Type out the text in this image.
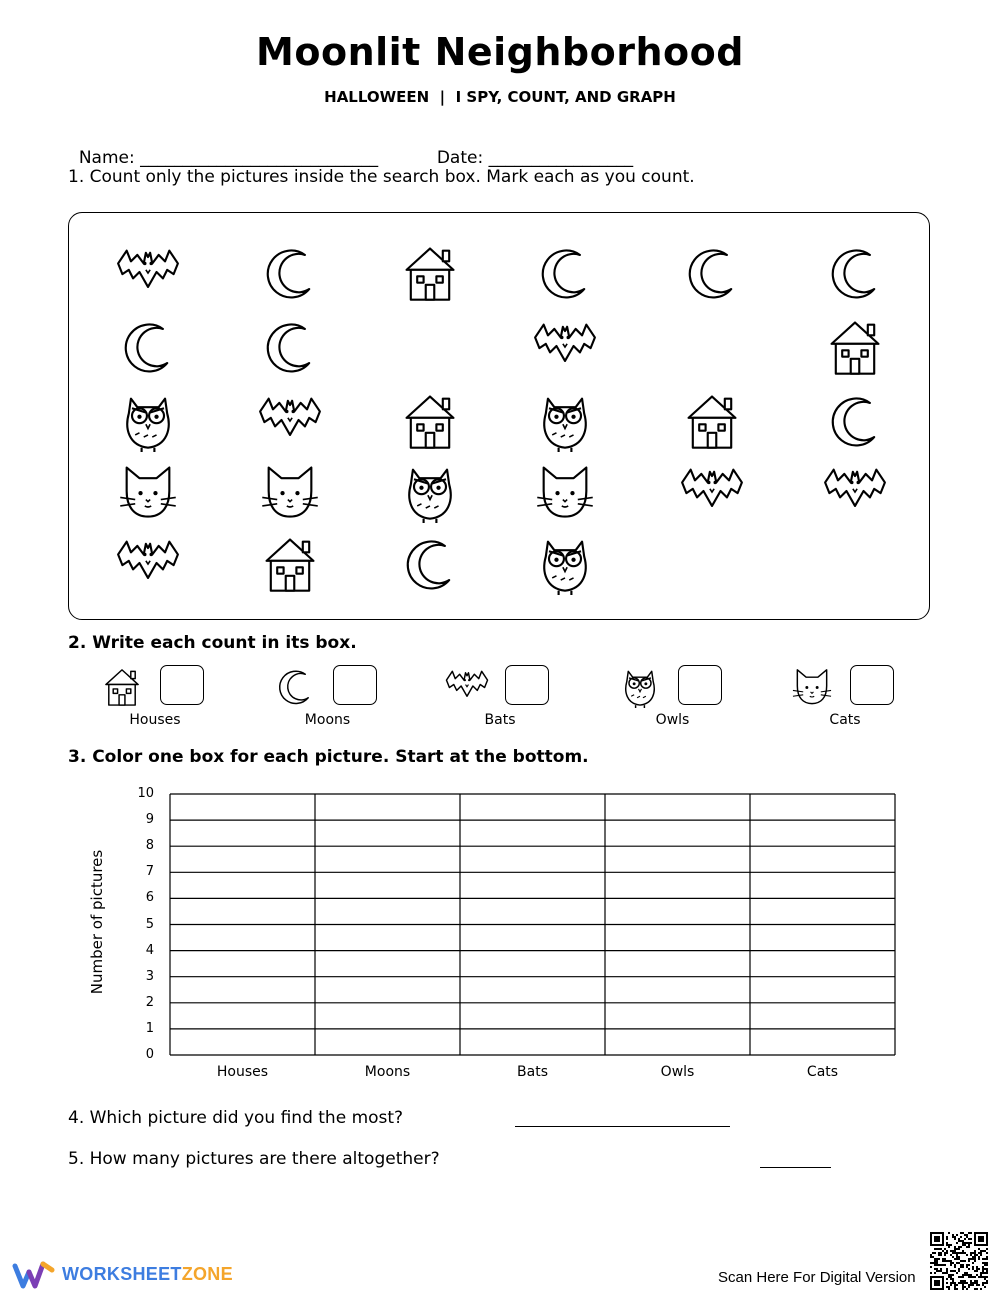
Moonlit Neighborhood
HALLOWEEN  |  I SPY, COUNT, AND GRAPH

Name: ____________________________	Date: _________________

1. Count only the pictures inside the search box. Mark each as you count.
2. Write each count in its box.
Houses	Moons	Bats	Owls	Cats
3. Color one box for each picture. Start at the bottom.
Number of pictures
0
1
2
3
4
5
6
7
8
9
10
Houses	Moons	Bats	Owls	Cats
4. Which picture did you find the most?
5. How many pictures are there altogether?
WORKSHEETZONE	Scan Here For Digital Version
